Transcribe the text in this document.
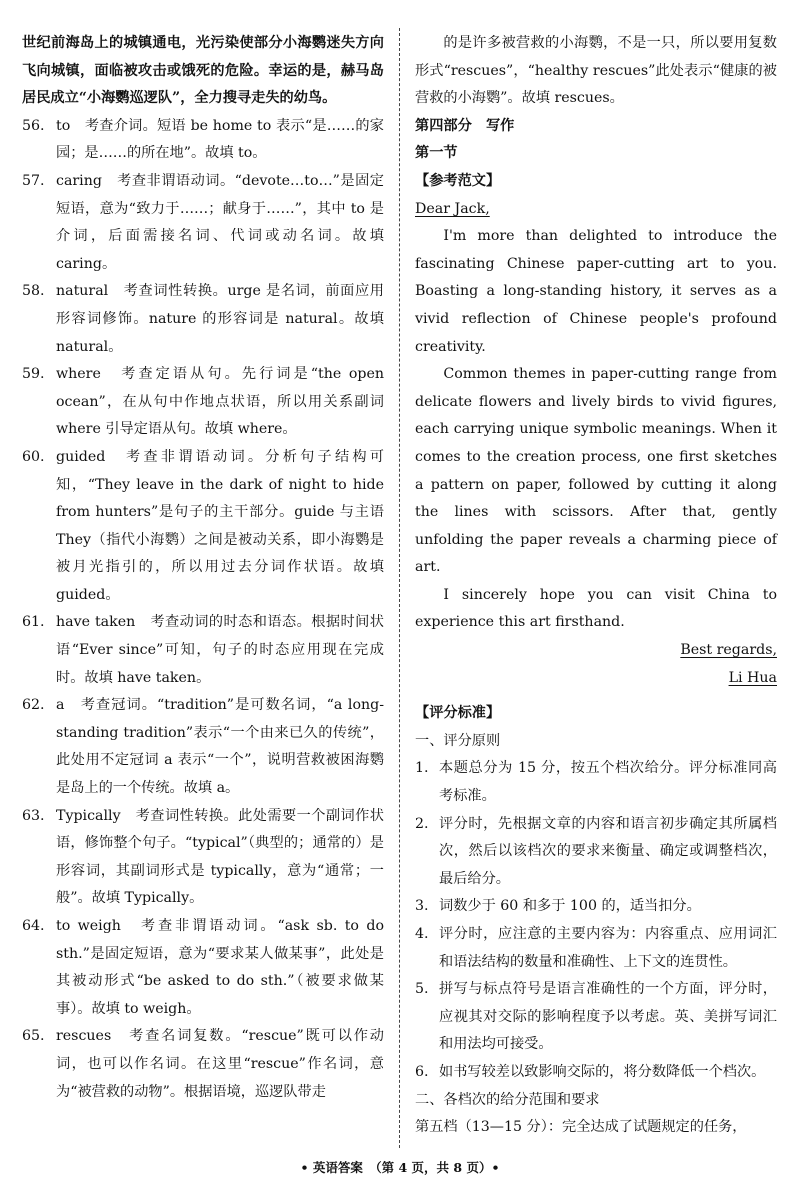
世纪前海岛上的城镇通电，光污染使部分小海鹦迷失方向飞向城镇，面临被攻击或饿死的危险。幸运的是，赫马岛居民成立“小海鹦巡逻队”，全力搜寻走失的幼鸟。

56. to　考查介词。短语 be home to 表示“是……的家园；是……的所在地”。故填 to。
57. caring　考查非谓语动词。“devote…to…”是固定短语，意为“致力于……；献身于……”，其中 to 是介词，后面需接名词、代词或动名词。故填 caring。
58. natural　考查词性转换。urge 是名词，前面应用形容词修饰。nature 的形容词是 natural。故填 natural。
59. where　考查定语从句。先行词是“the open ocean”，在从句中作地点状语，所以用关系副词 where 引导定语从句。故填 where。
60. guided　考查非谓语动词。分析句子结构可知，“They leave in the dark of night to hide from hunters”是句子的主干部分。guide 与主语 They（指代小海鹦）之间是被动关系，即小海鹦是被月光指引的，所以用过去分词作状语。故填 guided。
61. have taken　考查动词的时态和语态。根据时间状语“Ever since”可知，句子的时态应用现在完成时。故填 have taken。
62. a　考查冠词。“tradition”是可数名词，“a long-standing tradition”表示“一个由来已久的传统”，此处用不定冠词 a 表示“一个”，说明营救被困海鹦是岛上的一个传统。故填 a。
63. Typically　考查词性转换。此处需要一个副词作状语，修饰整个句子。“typical”（典型的；通常的）是形容词，其副词形式是 typically，意为“通常；一般”。故填 Typically。
64. to weigh　考查非谓语动词。“ask sb. to do sth.”是固定短语，意为“要求某人做某事”，此处是其被动形式“be asked to do sth.”（被要求做某事）。故填 to weigh。
65. rescues　考查名词复数。“rescue”既可以作动词，也可以作名词。在这里“rescue”作名词，意为“被营救的动物”。根据语境，巡逻队带走

的是许多被营救的小海鹦，不是一只，所以要用复数形式“rescues”，“healthy rescues”此处表示“健康的被营救的小海鹦”。故填 rescues。

第四部分　写作

第一节

【参考范文】

Dear Jack,

I'm more than delighted to introduce the fascinating Chinese paper-cutting art to you. Boasting a long-standing history, it serves as a vivid reflection of Chinese people's profound creativity.

Common themes in paper-cutting range from delicate flowers and lively birds to vivid figures, each carrying unique symbolic meanings. When it comes to the creation process, one first sketches a pattern on paper, followed by cutting it along the lines with scissors. After that, gently unfolding the paper reveals a charming piece of art.

I sincerely hope you can visit China to experience this art firsthand.

Best regards,

Li Hua

【评分标准】

一、评分原则

1. 本题总分为 15 分，按五个档次给分。评分标准同高考标准。
2. 评分时，先根据文章的内容和语言初步确定其所属档次，然后以该档次的要求来衡量、确定或调整档次，最后给分。
3. 词数少于 60 和多于 100 的，适当扣分。
4. 评分时，应注意的主要内容为：内容重点、应用词汇和语法结构的数量和准确性、上下文的连贯性。
5. 拼写与标点符号是语言准确性的一个方面，评分时，应视其对交际的影响程度予以考虑。英、美拼写词汇和用法均可接受。
6. 如书写较差以致影响交际的，将分数降低一个档次。

二、各档次的给分范围和要求

第五档（13—15 分）：完全达成了试题规定的任务，

• 英语答案　（第 4 页，共 8 页）•
